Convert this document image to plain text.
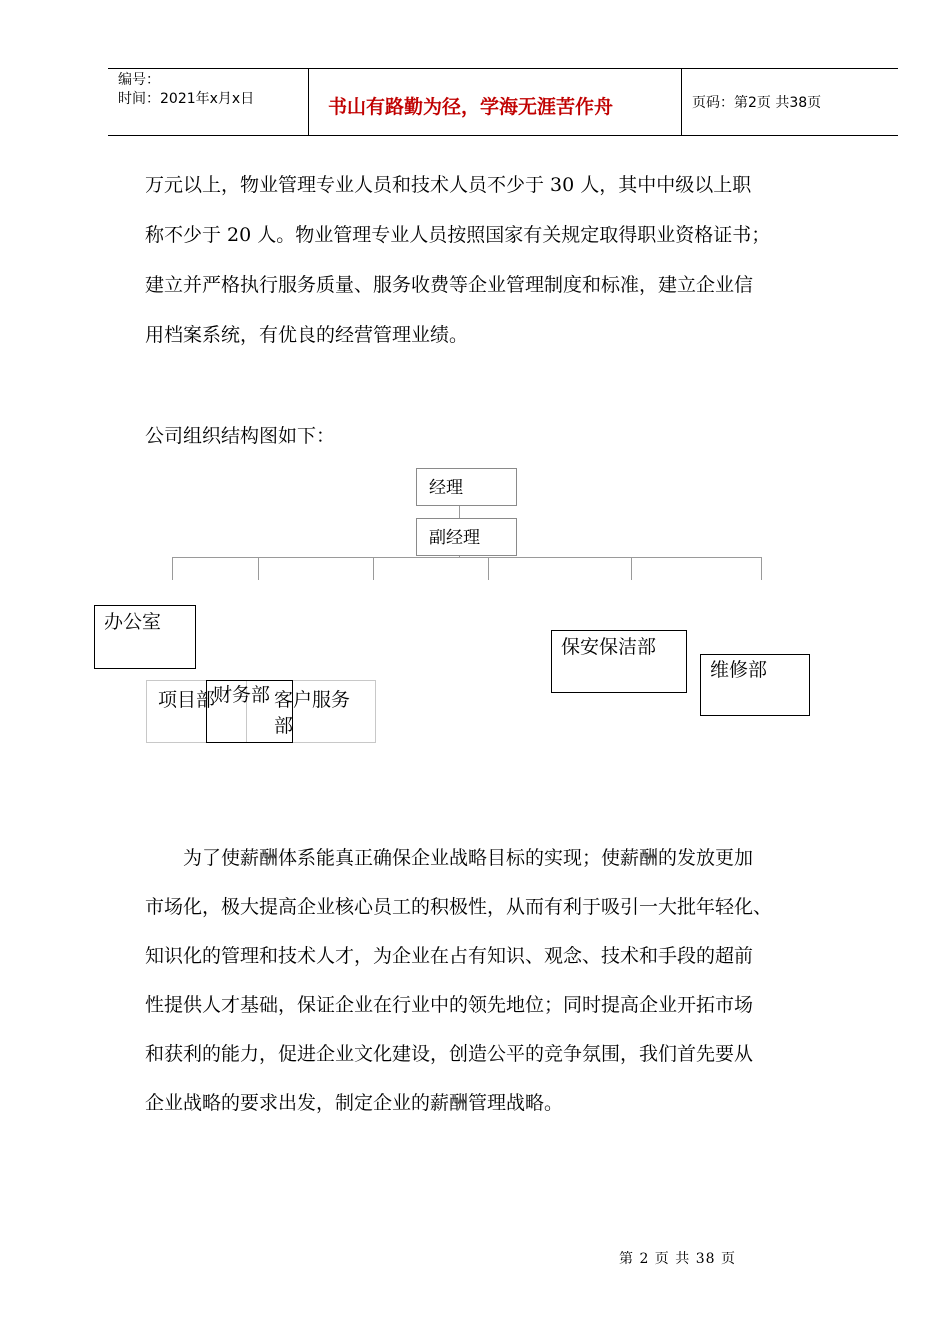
编号：
时间：2021年x月x日	书山有路勤为径，学海无涯苦作舟	页码：第2页 共38页
万元以上，物业管理专业人员和技术人员不少于 30 人，其中中级以上职
称不少于 20 人。物业管理专业人员按照国家有关规定取得职业资格证书；
建立并严格执行服务质量、服务收费等企业管理制度和标准，建立企业信
用档案系统，有优良的经营管理业绩。
公司组织结构图如下：
经理
副经理
办公室
项目部
财务部 客户服务
部
保安保洁部
维修部
为了使薪酬体系能真正确保企业战略目标的实现；使薪酬的发放更加
市场化，极大提高企业核心员工的积极性，从而有利于吸引一大批年轻化、
知识化的管理和技术人才，为企业在占有知识、观念、技术和手段的超前
性提供人才基础，保证企业在行业中的领先地位；同时提高企业开拓市场
和获利的能力，促进企业文化建设，创造公平的竞争氛围，我们首先要从
企业战略的要求出发，制定企业的薪酬管理战略。
第 2 页 共 38 页
